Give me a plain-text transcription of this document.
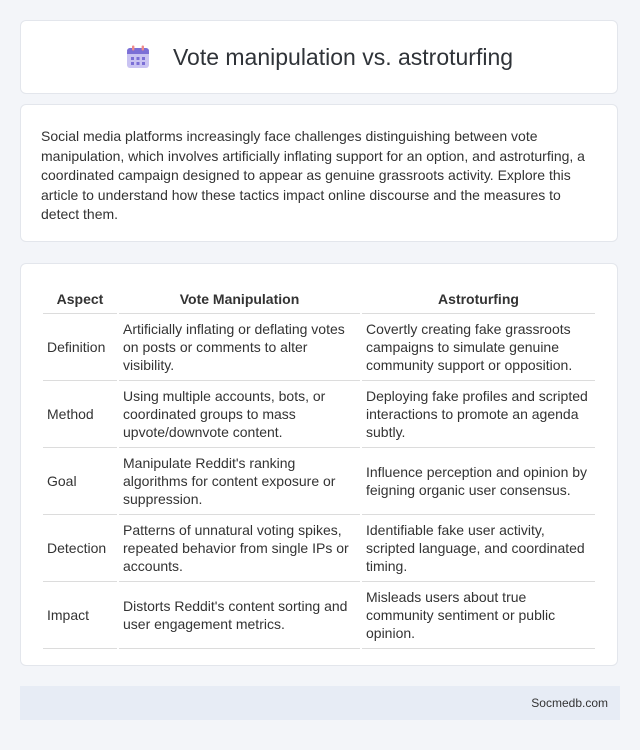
Vote manipulation vs. astroturfing

Social media platforms increasingly face challenges distinguishing between vote manipulation, which involves artificially inflating support for an option, and astroturfing, a coordinated campaign designed to appear as genuine grassroots activity. Explore this article to understand how these tactics impact online discourse and the measures to detect them.

Aspect	Vote Manipulation	Astroturfing
Definition	Artificially inflating or deflating votes on posts or comments to alter visibility.	Covertly creating fake grassroots campaigns to simulate genuine community support or opposition.
Method	Using multiple accounts, bots, or coordinated groups to mass upvote/downvote content.	Deploying fake profiles and scripted interactions to promote an agenda subtly.
Goal	Manipulate Reddit's ranking algorithms for content exposure or suppression.	Influence perception and opinion by feigning organic user consensus.
Detection	Patterns of unnatural voting spikes, repeated behavior from single IPs or accounts.	Identifiable fake user activity, scripted language, and coordinated timing.
Impact	Distorts Reddit's content sorting and user engagement metrics.	Misleads users about true community sentiment or public opinion.
Socmedb.com
